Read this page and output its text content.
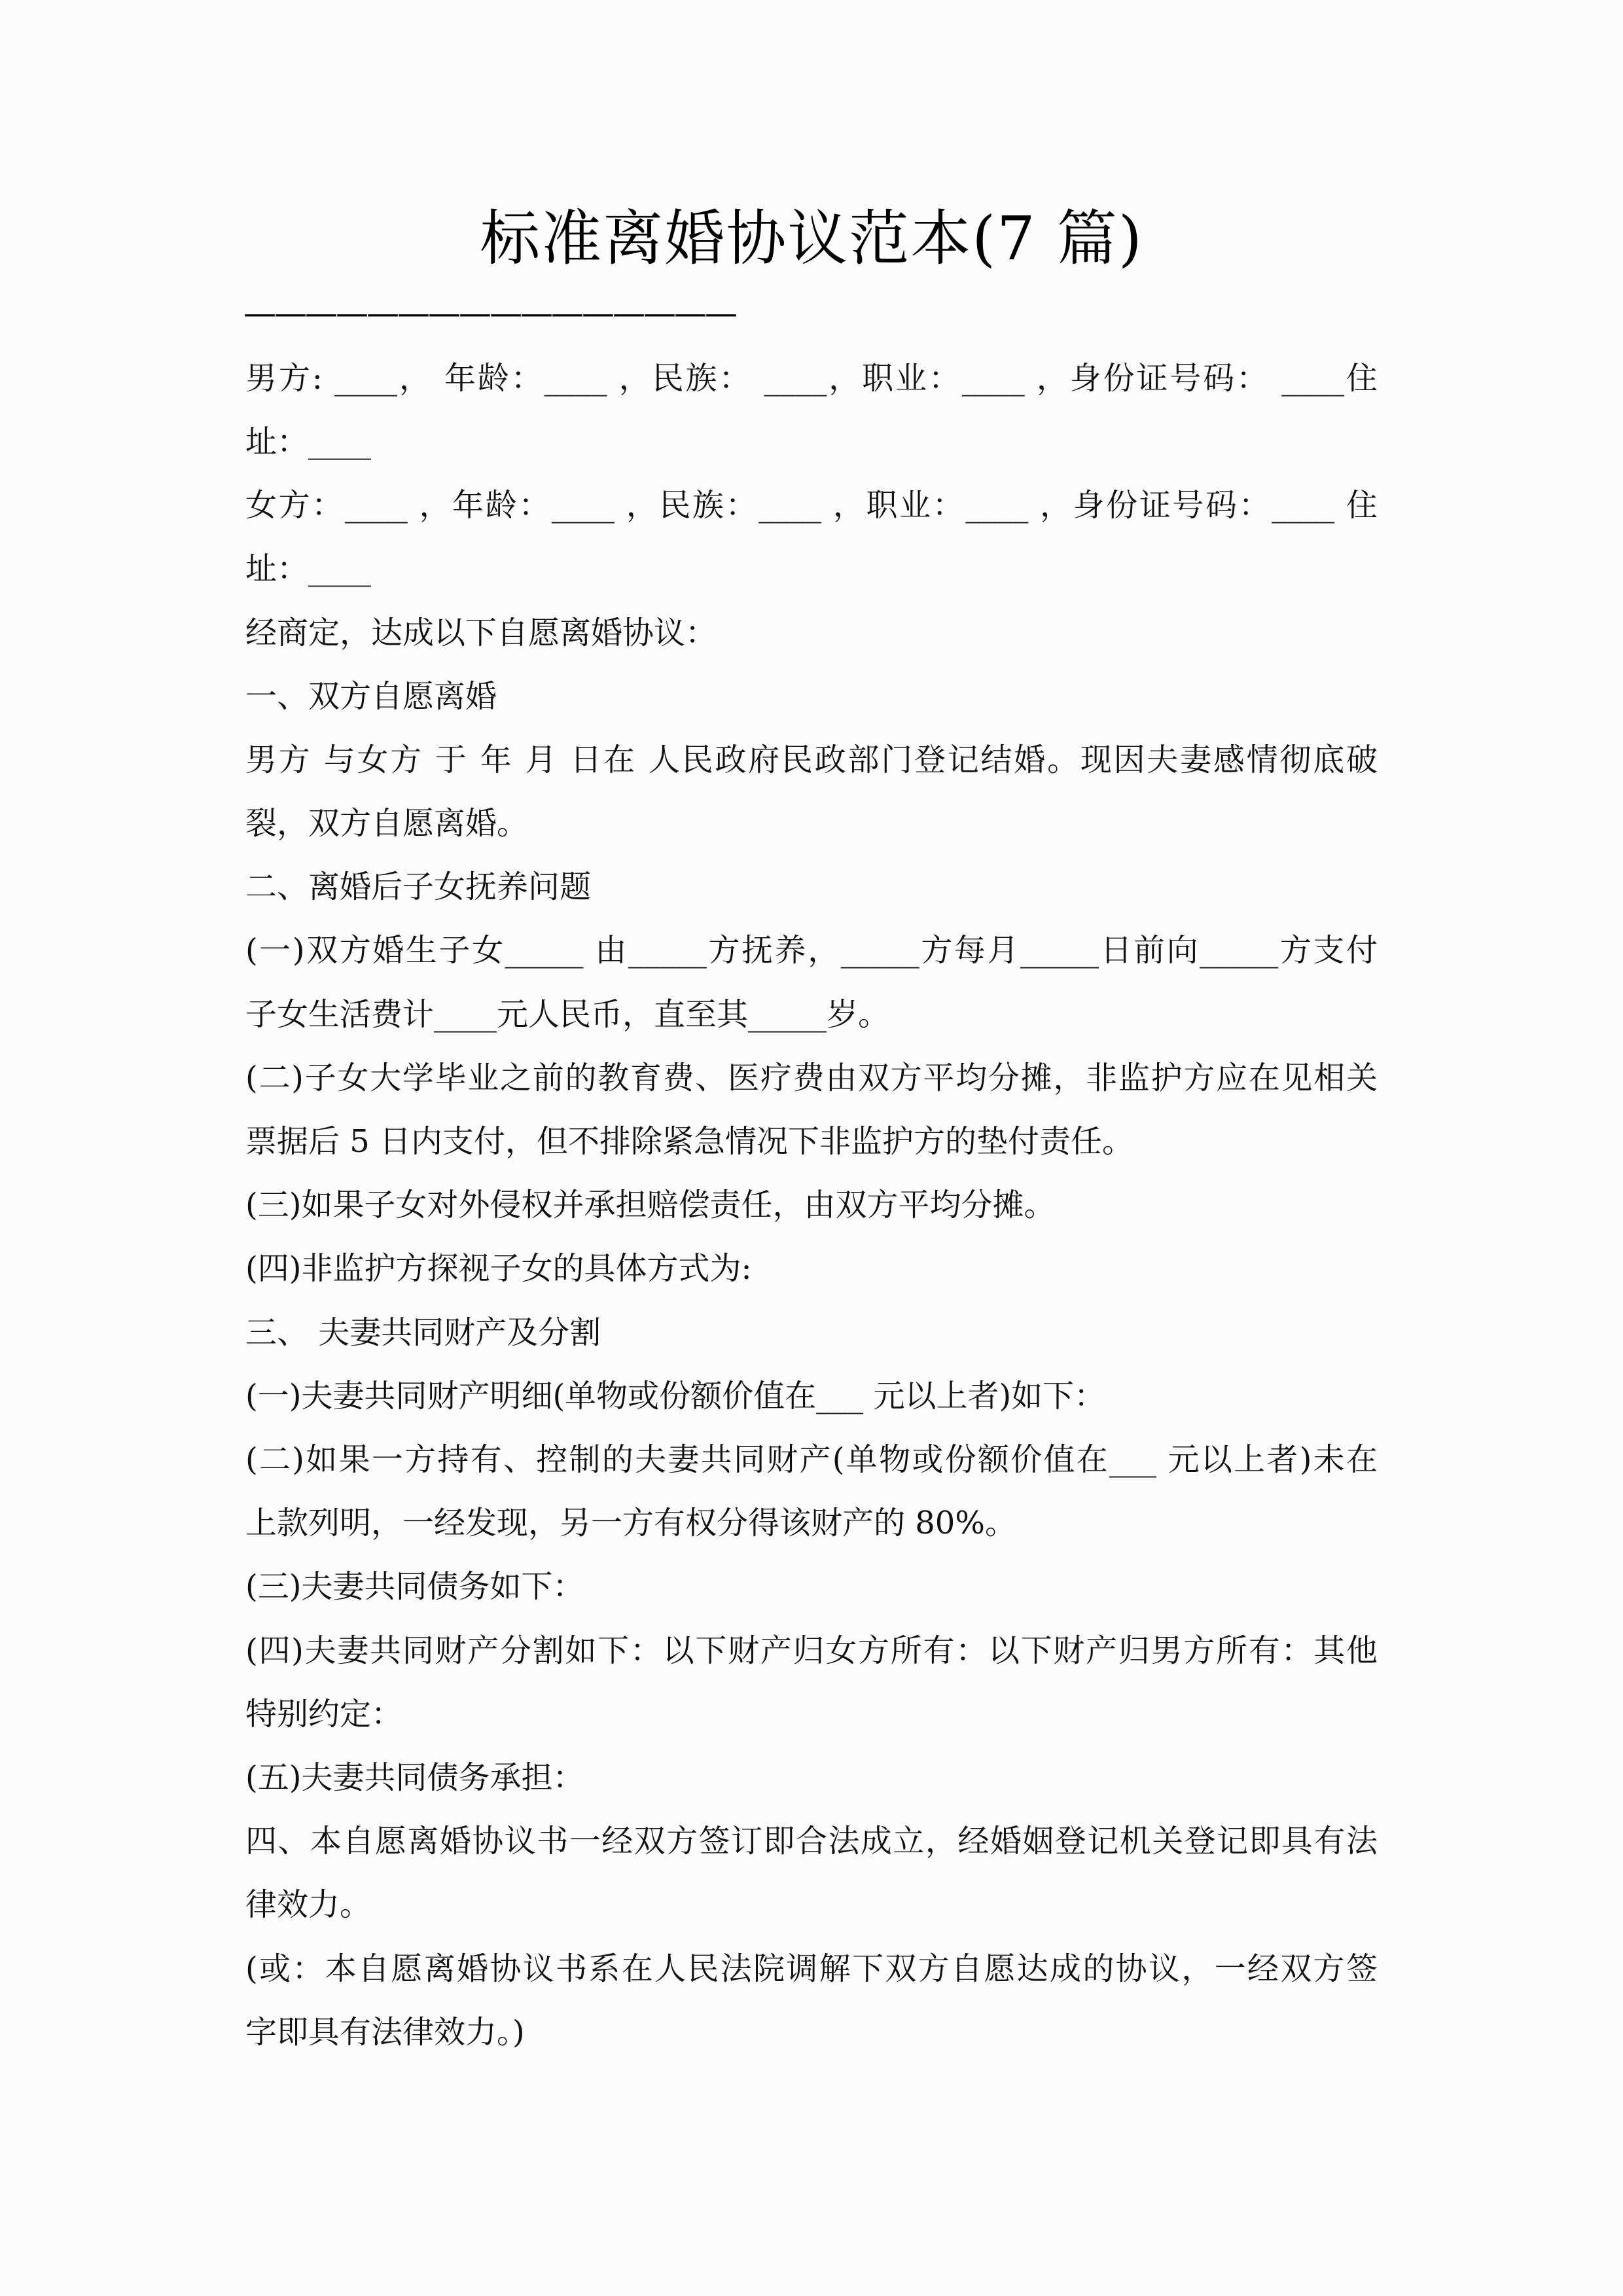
标准离婚协议范本(7 篇)
————————————————
男方: ____， 年龄：____ ，民族： ____，职业：____ ，身份证号码： ____住
址：____
女方：____ ，年龄：____ ，民族：____ ，职业：____ ，身份证号码：____ 住
址：____
经商定，达成以下自愿离婚协议：
一、双方自愿离婚
男方 与女方 于 年 月 日在 人民政府民政部门登记结婚。现因夫妻感情彻底破
裂，双方自愿离婚。
二、离婚后子女抚养问题
(一)双方婚生子女_____ 由_____方抚养，_____方每月_____日前向_____方支付
子女生活费计____元人民币，直至其_____岁。
(二)子女大学毕业之前的教育费、医疗费由双方平均分摊，非监护方应在见相关
票据后 5 日内支付，但不排除紧急情况下非监护方的垫付责任。
(三)如果子女对外侵权并承担赔偿责任，由双方平均分摊。
(四)非监护方探视子女的具体方式为:
三、 夫妻共同财产及分割
(一)夫妻共同财产明细(单物或份额价值在___ 元以上者)如下：
(二)如果一方持有、控制的夫妻共同财产(单物或份额价值在___ 元以上者)未在
上款列明，一经发现，另一方有权分得该财产的 80%。
(三)夫妻共同债务如下：
(四)夫妻共同财产分割如下：以下财产归女方所有：以下财产归男方所有：其他
特别约定：
(五)夫妻共同债务承担：
四、本自愿离婚协议书一经双方签订即合法成立，经婚姻登记机关登记即具有法
律效力。
(或：本自愿离婚协议书系在人民法院调解下双方自愿达成的协议，一经双方签
字即具有法律效力。)
